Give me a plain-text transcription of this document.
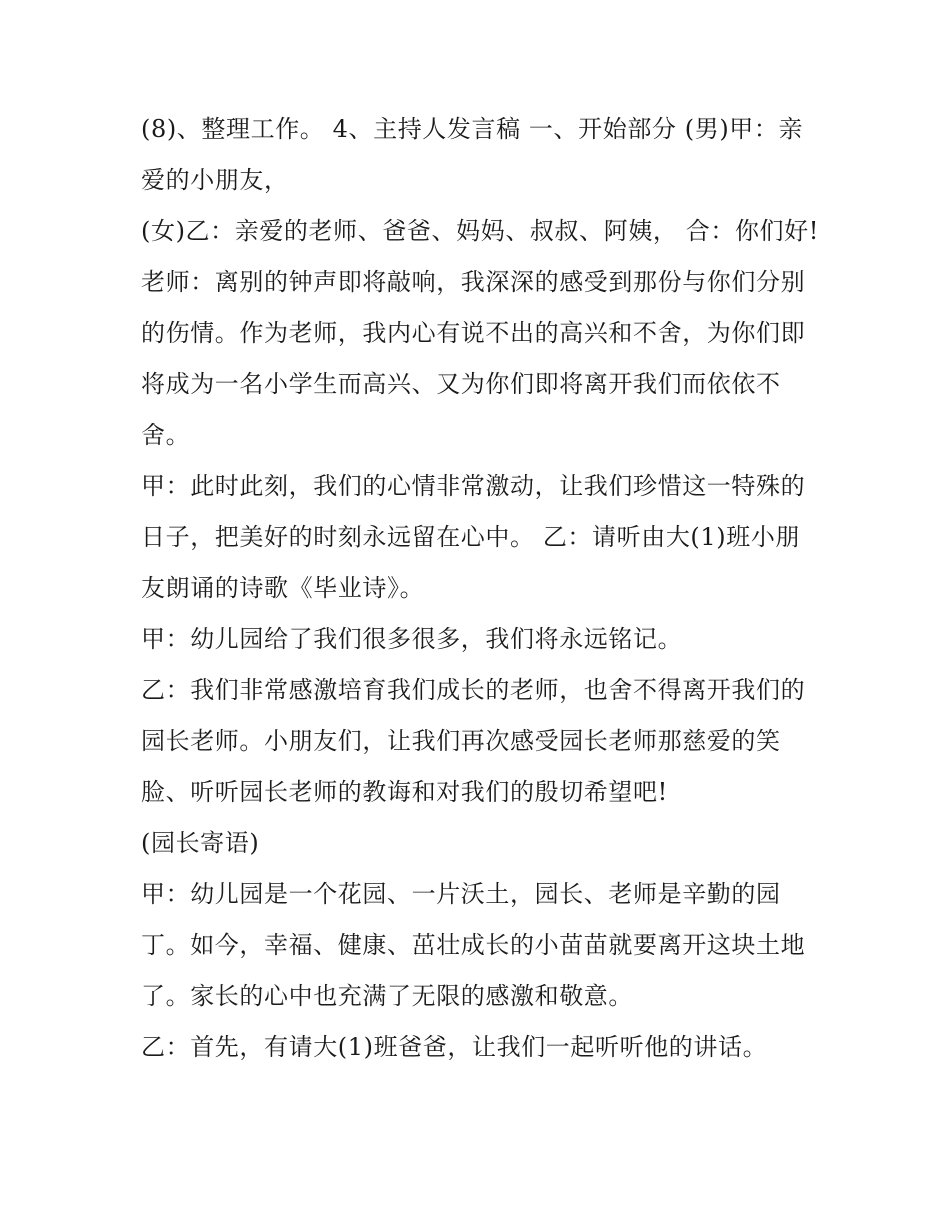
(8)、整理工作。 4、主持人发言稿 一、开始部分 (男)甲：亲爱的小朋友，

(女)乙：亲爱的老师、爸爸、妈妈、叔叔、阿姨， 合：你们好!

老师：离别的钟声即将敲响，我深深的感受到那份与你们分别的伤情。作为老师，我内心有说不出的高兴和不舍，为你们即将成为一名小学生而高兴、又为你们即将离开我们而依依不舍。

甲：此时此刻，我们的心情非常激动，让我们珍惜这一特殊的日子，把美好的时刻永远留在心中。 乙：请听由大(1)班小朋友朗诵的诗歌《毕业诗》。

甲：幼儿园给了我们很多很多，我们将永远铭记。

乙：我们非常感激培育我们成长的老师，也舍不得离开我们的园长老师。小朋友们，让我们再次感受园长老师那慈爱的笑脸、听听园长老师的教诲和对我们的殷切希望吧!

(园长寄语)

甲：幼儿园是一个花园、一片沃土，园长、老师是辛勤的园丁。如今，幸福、健康、茁壮成长的小苗苗就要离开这块土地了。家长的心中也充满了无限的感激和敬意。

乙：首先，有请大(1)班爸爸，让我们一起听听他的讲话。
